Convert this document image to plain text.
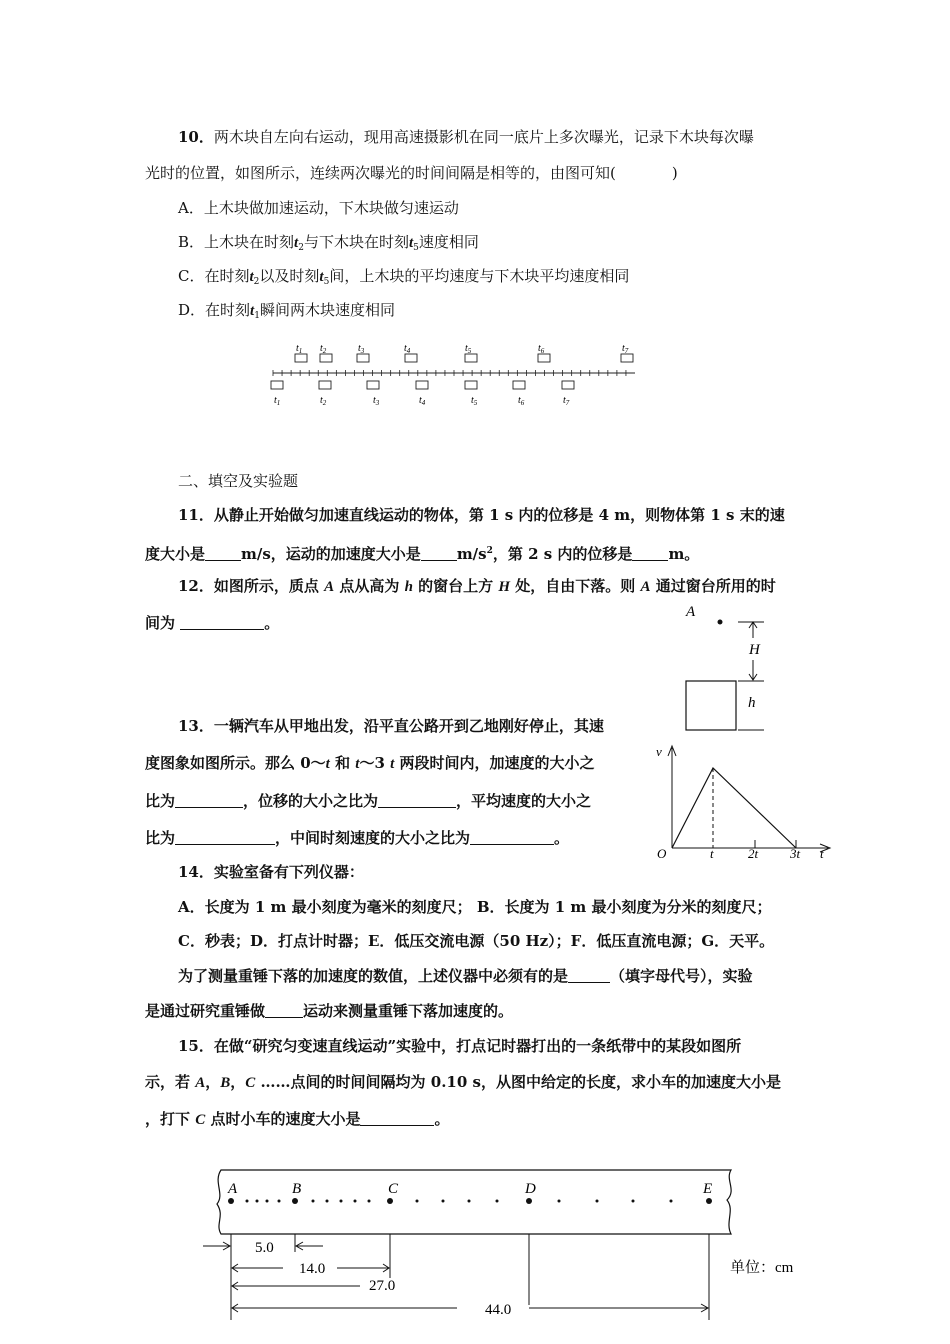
10．两木块自左向右运动，现用高速摄影机在同一底片上多次曝光，记录下木块每次曝
光时的位置，如图所示，连续两次曝光的时间间隔是相等的，由图可知(	)
A．上木块做加速运动，下木块做匀速运动
B．上木块在时刻$t_2$与下木块在时刻$t_5$速度相同
C．在时刻$t_2$以及时刻$t_5$间，上木块的平均速度与下木块平均速度相同
D．在时刻$t_1$瞬间两木块速度相同
$t_1$ $t_2$	$t_3$	$t_4$	$t_5$	$t_6$	$t_7$
$t_1$	$t_2$	$t_3$	$t_4$	$t_5$	$t_6$	$t_7$
二、填空及实验题
11．从静止开始做匀加速直线运动的物体，第 1 s 内的位移是 4 m，则物体第 1 s 末的速
度大小是 m/s，运动的加速度大小是 $m/s^2$，第 2 s 内的位移是 m。
12．如图所示，质点 A 点从高为 h 的窗台上方 H 处，自由下落。则 A 通过窗台所用的时
间为	。
A
H
h
13．一辆汽车从甲地出发，沿平直公路开到乙地刚好停止，其速
度图象如图所示。那么 0～t 和 t～3 t 两段时间内，加速度的大小之
比为	，位移的大小之比为	，平均速度的大小之
比为	，中间时刻速度的大小之比为	。
v
O	t	2t 3t t
14．实验室备有下列仪器：
A．长度为 1 m 最小刻度为毫米的刻度尺； B．长度为 1 m 最小刻度为分米的刻度尺；
C．秒表；D．打点计时器；E．低压交流电源（50 Hz）；F．低压直流电源；G．天平。
为了测量重锤下落的加速度的数值，上述仪器中必须有的是	（填字母代号），实验
是通过研究重锤做	运动来测量重锤下落加速度的。
15．在做“研究匀变速直线运动”实验中，打点记时器打出的一条纸带中的某段如图所
示，若 A，B，C ……点间的时间间隔均为 0.10 s，从图中给定的长度，求小车的加速度大小是
，打下 C 点时小车的速度大小是	。
A	B	C	D	E
5.0
14.0
27.0
44.0
单位：cm
